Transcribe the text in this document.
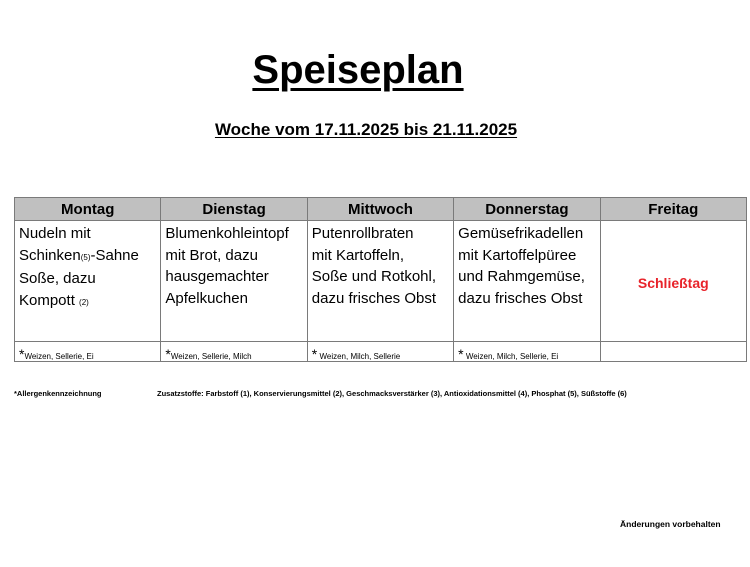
Speiseplan
Woche vom 17.11.2025 bis 21.11.2025
Montag	Dienstag	Mittwoch	Donnerstag	Freitag

Nudeln mit
Schinken(5)-Sahne
Soße, dazu
Kompott (2)	Blumenkohleintopf
mit Brot, dazu
hausgemachter
Apfelkuchen	Putenrollbraten
mit Kartoffeln,
Soße und Rotkohl,
dazu frisches Obst	Gemüsefrikadellen
mit Kartoffelpüree
und Rahmgemüse,
dazu frisches Obst	Schließtag
*Weizen, Sellerie, Ei	*Weizen, Sellerie, Milch	* Weizen, Milch, Sellerie	* Weizen, Milch, Sellerie, Ei	
*Allergenkennzeichnung	Zusatzstoffe: Farbstoff (1), Konservierungsmittel (2), Geschmacksverstärker (3), Antioxidationsmittel (4), Phosphat (5), Süßstoffe (6)
Änderungen vorbehalten
